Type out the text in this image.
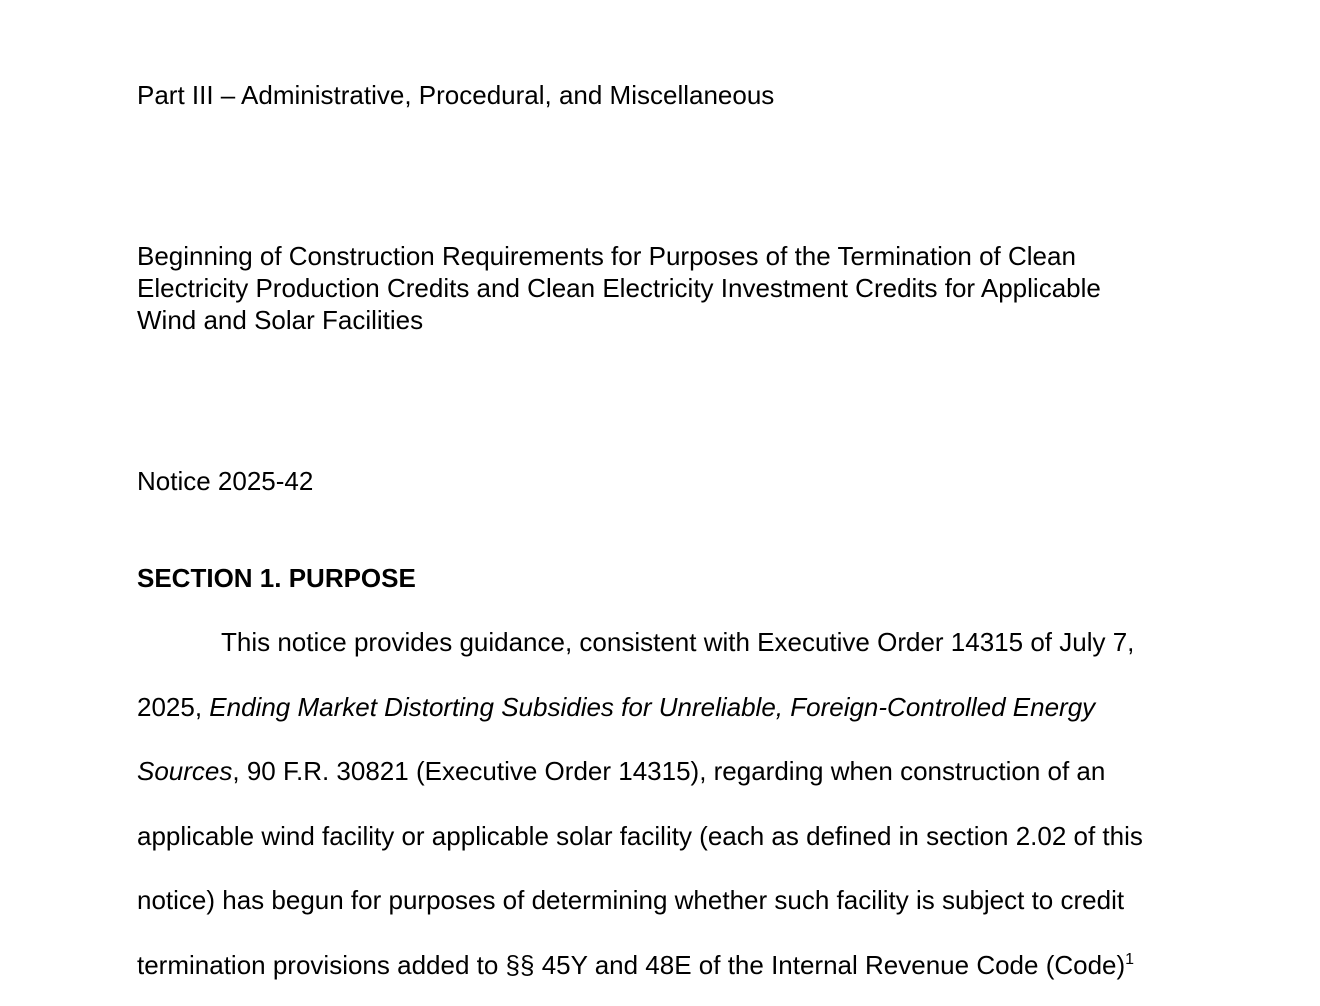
Part III – Administrative, Procedural, and Miscellaneous
Beginning of Construction Requirements for Purposes of the Termination of Clean
Electricity Production Credits and Clean Electricity Investment Credits for Applicable
Wind and Solar Facilities
Notice 2025-42
SECTION 1. PURPOSE
This notice provides guidance, consistent with Executive Order 14315 of July 7,
2025, Ending Market Distorting Subsidies for Unreliable, Foreign-Controlled Energy
Sources, 90 F.R. 30821 (Executive Order 14315), regarding when construction of an
applicable wind facility or applicable solar facility (each as defined in section 2.02 of this
notice) has begun for purposes of determining whether such facility is subject to credit
termination provisions added to §§ 45Y and 48E of the Internal Revenue Code (Code)$^1$
